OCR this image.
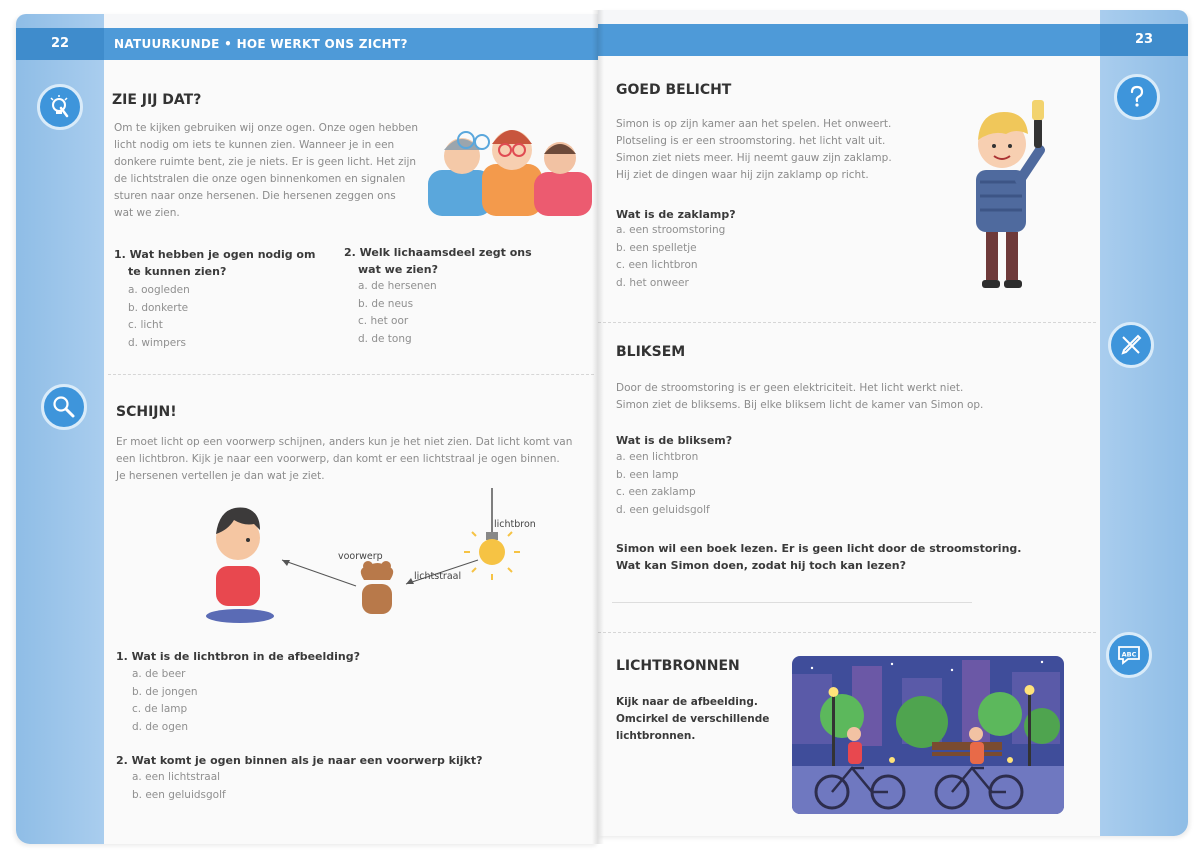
22	NATUURKUNDE • HOE WERKT ONS ZICHT?
ZIE JIJ DAT?
Om te kijken gebruiken wij onze ogen. Onze ogen hebben
licht nodig om iets te kunnen zien. Wanneer je in een
donkere ruimte bent, zie je niets. Er is geen licht. Het zijn
de lichtstralen die onze ogen binnenkomen en signalen
sturen naar onze hersenen. Die hersenen zeggen ons
wat we zien.
1. Wat hebben je ogen nodig om
te kunnen zien?
a. oogleden
b. donkerte
c. licht
d. wimpers
2. Welk lichaamsdeel zegt ons
wat we zien?
a. de hersenen
b. de neus
c. het oor
d. de tong
SCHIJN!
Er moet licht op een voorwerp schijnen, anders kun je het niet zien. Dat licht komt van
een lichtbron. Kijk je naar een voorwerp, dan komt er een lichtstraal je ogen binnen.
Je hersenen vertellen je dan wat je ziet.
lichtbron
voorwerp
lichtstraal
1. Wat is de lichtbron in de afbeelding?
a. de beer
b. de jongen
c. de lamp
d. de ogen
2. Wat komt je ogen binnen als je naar een voorwerp kijkt?
a. een lichtstraal
b. een geluidsgolf
23
ABC
GOED BELICHT
Simon is op zijn kamer aan het spelen. Het onweert.
Plotseling is er een stroomstoring. het licht valt uit.
Simon ziet niets meer. Hij neemt gauw zijn zaklamp.
Hij ziet de dingen waar hij zijn zaklamp op richt.
Wat is de zaklamp?
a. een stroomstoring
b. een spelletje
c. een lichtbron
d. het onweer
BLIKSEM
Door de stroomstoring is er geen elektriciteit. Het licht werkt niet.
Simon ziet de bliksems. Bij elke bliksem licht de kamer van Simon op.
Wat is de bliksem?
a. een lichtbron
b. een lamp
c. een zaklamp
d. een geluidsgolf
Simon wil een boek lezen. Er is geen licht door de stroomstoring.
Wat kan Simon doen, zodat hij toch kan lezen?
LICHTBRONNEN
Kijk naar de afbeelding.
Omcirkel de verschillende
lichtbronnen.
